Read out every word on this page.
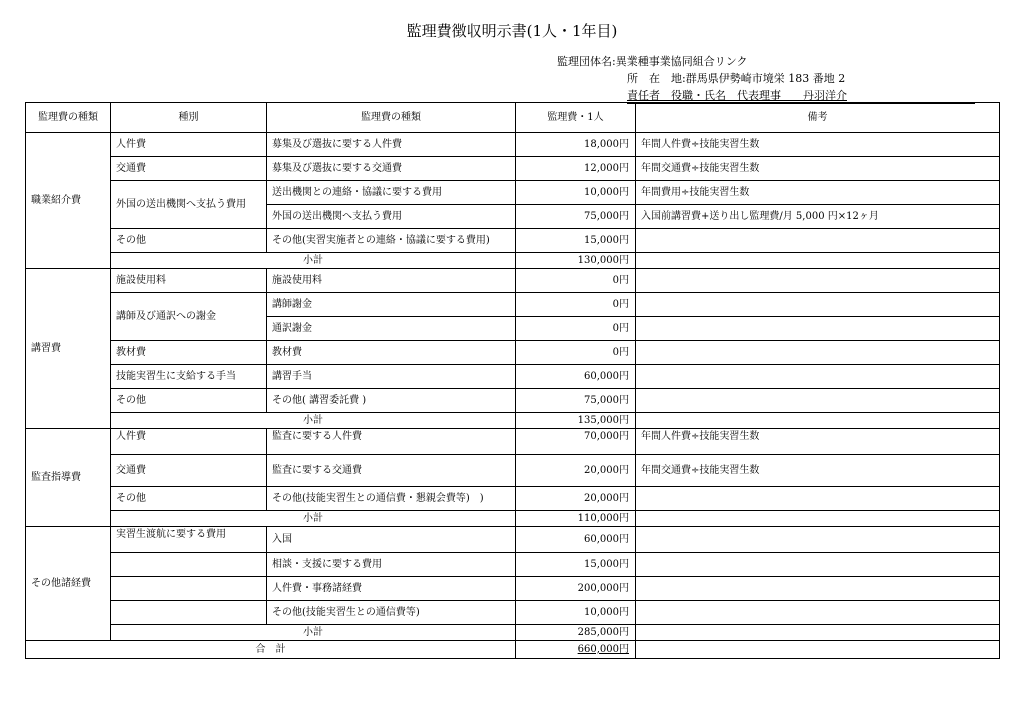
監理費徴収明示書(1人・1年目)
監理団体名:異業種事業協同組合リンク
所　在　地:群馬県伊勢崎市境栄 183 番地 2
責任者　役職・氏名　代表理事　　丹羽洋介
監理費の種類	種別	監理費の種類	監理費・1人	備考
職業紹介費	人件費	募集及び選抜に要する人件費	18,000円	年間人件費÷技能実習生数
	交通費	募集及び選抜に要する交通費	12,000円	年間交通費÷技能実習生数
	外国の送出機関へ支払う費用	送出機関との連絡・協議に要する費用	10,000円	年間費用÷技能実習生数
		外国の送出機関へ支払う費用	75,000円	入国前講習費+送り出し監理費/月 5,000 円×12ヶ月
	その他	その他(実習実施者との連絡・協議に要する費用)	15,000円	
	小計		130,000円	
講習費	施設使用料	施設使用料	0円	
	講師及び通訳への謝金	講師謝金	0円	
		通訳謝金	0円	
	教材費	教材費	0円	
	技能実習生に支給する手当	講習手当	60,000円	
	その他	その他( 講習委託費 )	75,000円	
	小計		135,000円	
監査指導費	人件費	監査に要する人件費	70,000円	年間人件費÷技能実習生数
	交通費	監査に要する交通費	20,000円	年間交通費÷技能実習生数
	その他	その他(技能実習生との通信費・懇親会費等)　)	20,000円	
	小計		110,000円	
その他諸経費	実習生渡航に要する費用	入国	60,000円	
		相談・支援に要する費用	15,000円	
		人件費・事務諸経費	200,000円	
		その他(技能実習生との通信費等)	10,000円	
	小計		285,000円	
合　計			660,000円	
